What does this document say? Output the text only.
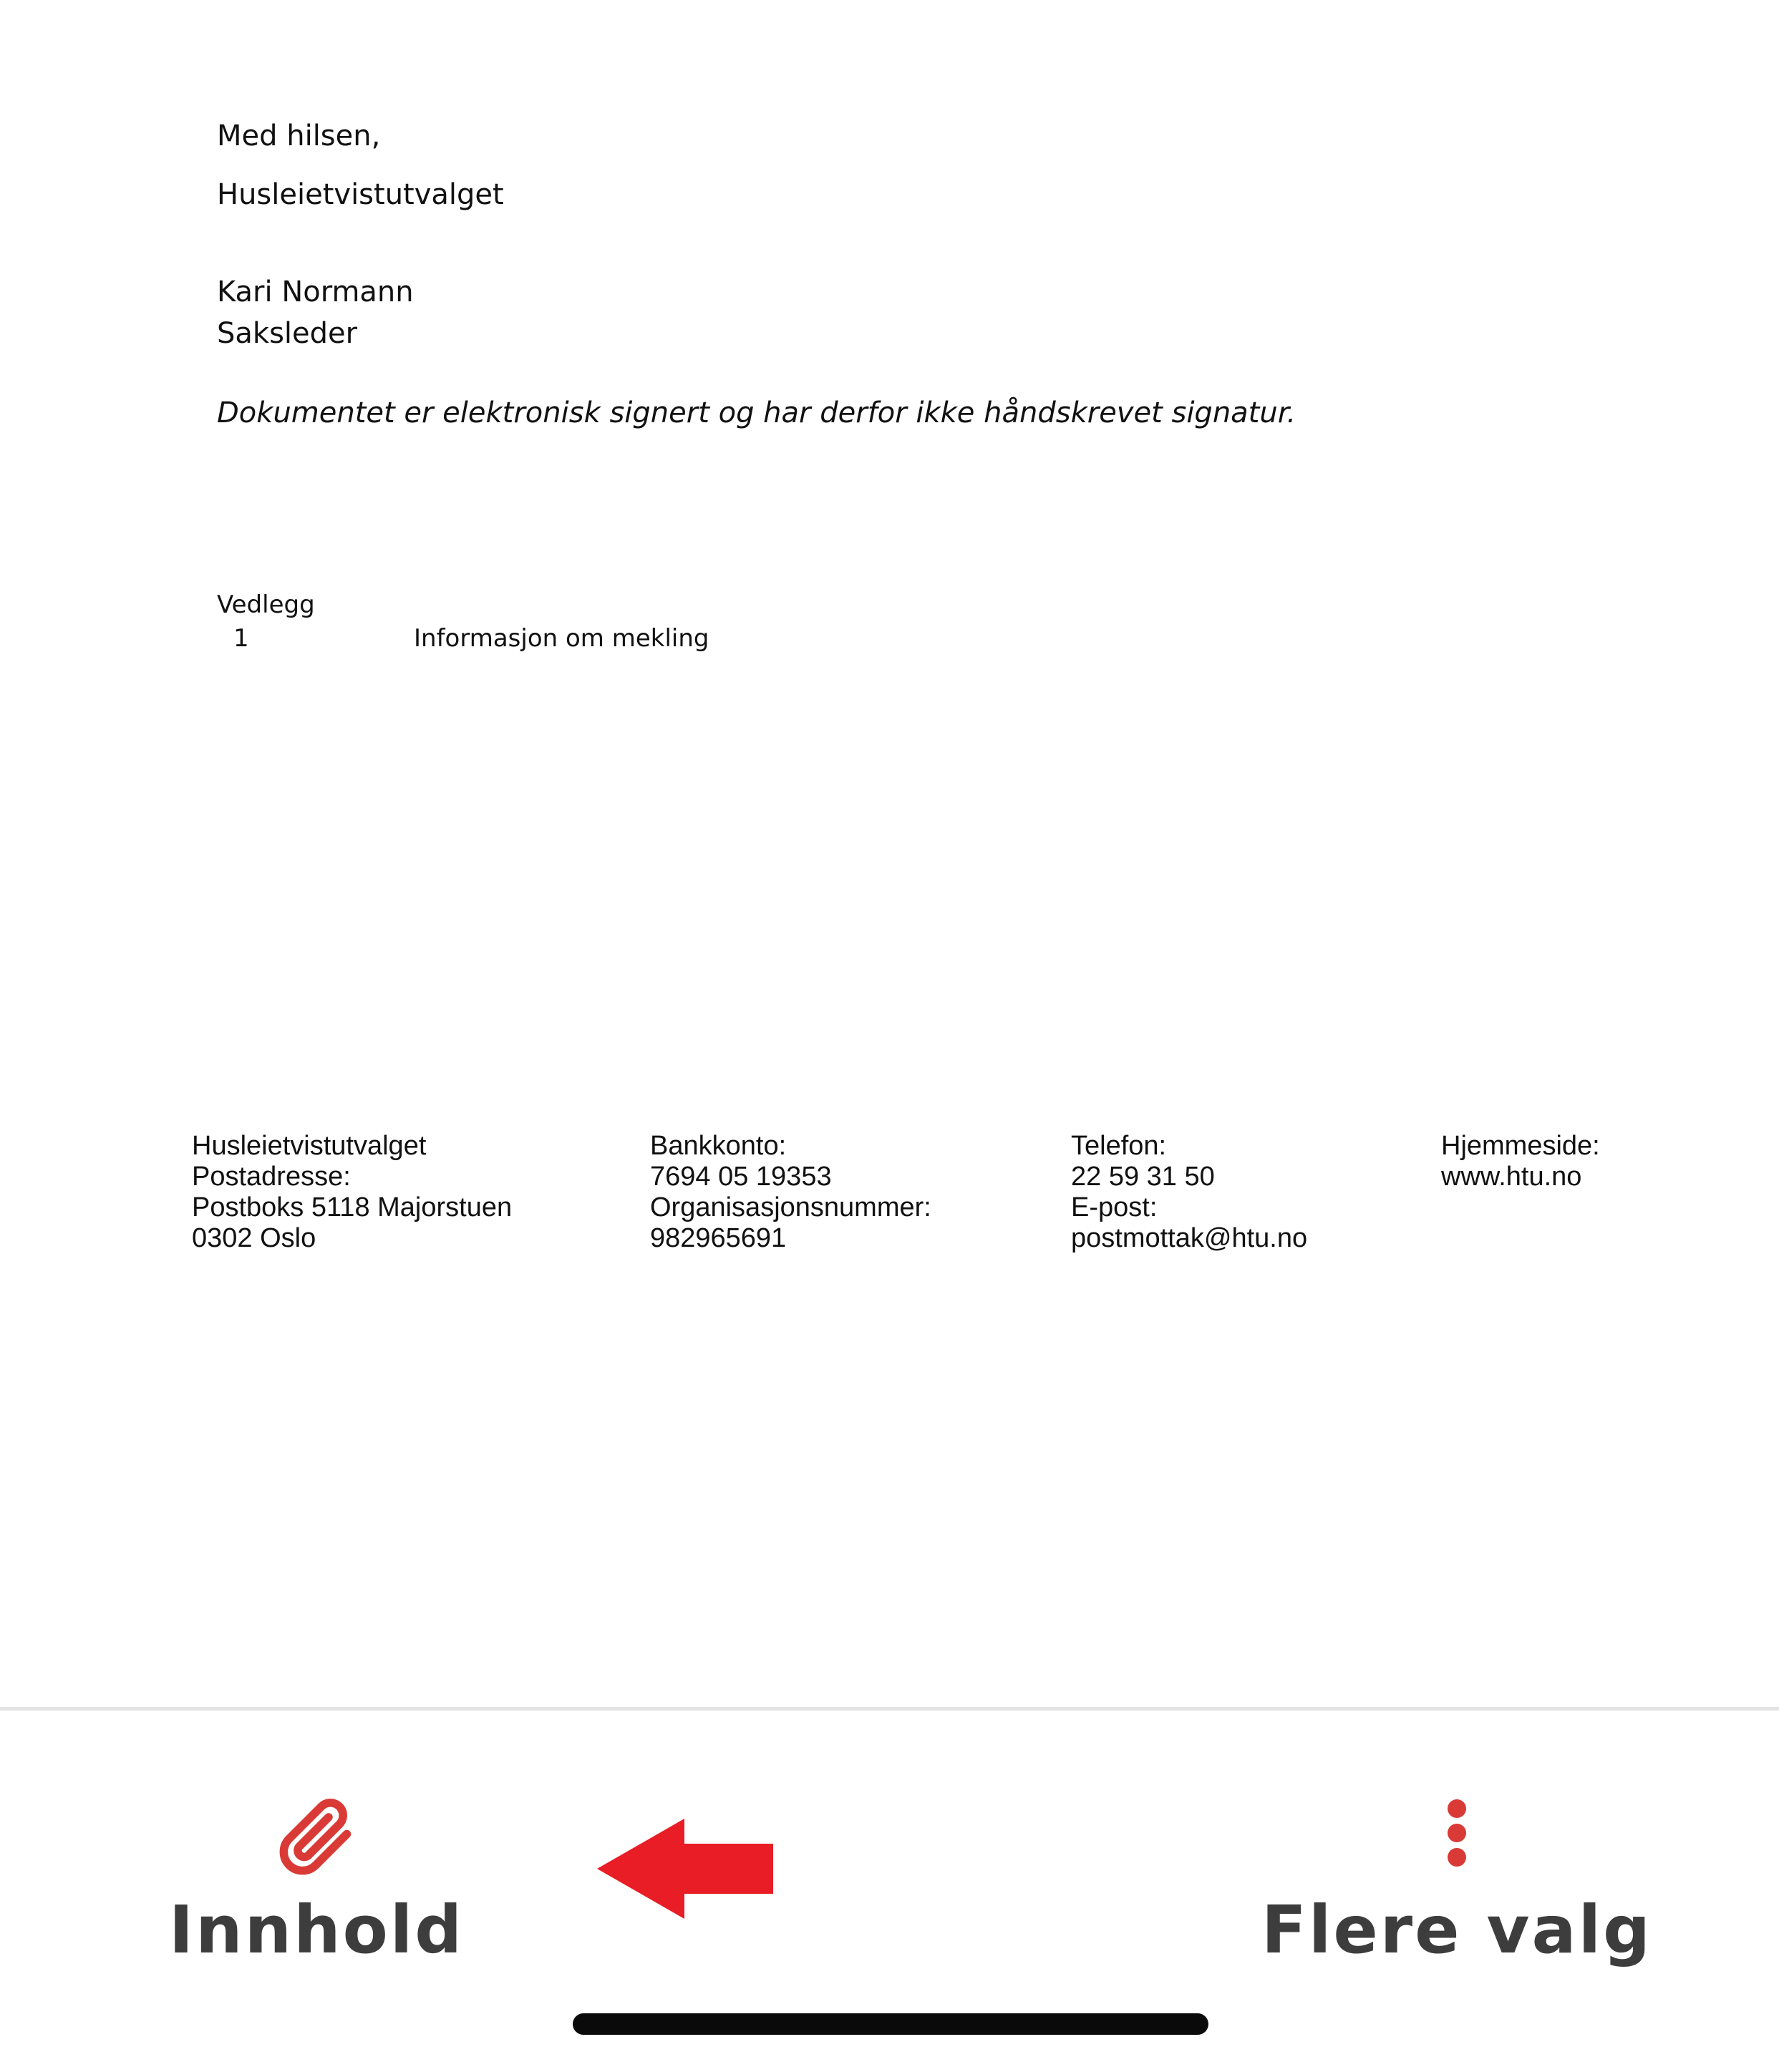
Med hilsen,
Husleietvistutvalget
Kari Normann
Saksleder
Dokumentet er elektronisk signert og har derfor ikke håndskrevet signatur.
Vedlegg
1	Informasjon om mekling
Husleietvistutvalget
Postadresse:
Postboks 5118 Majorstuen
0302 Oslo
Bankkonto:
7694 05 19353
Organisasjonsnummer:
982965691
Telefon:
22 59 31 50
E-post:
postmottak@htu.no
Hjemmeside:
www.htu.no
Innhold	Flere valg
